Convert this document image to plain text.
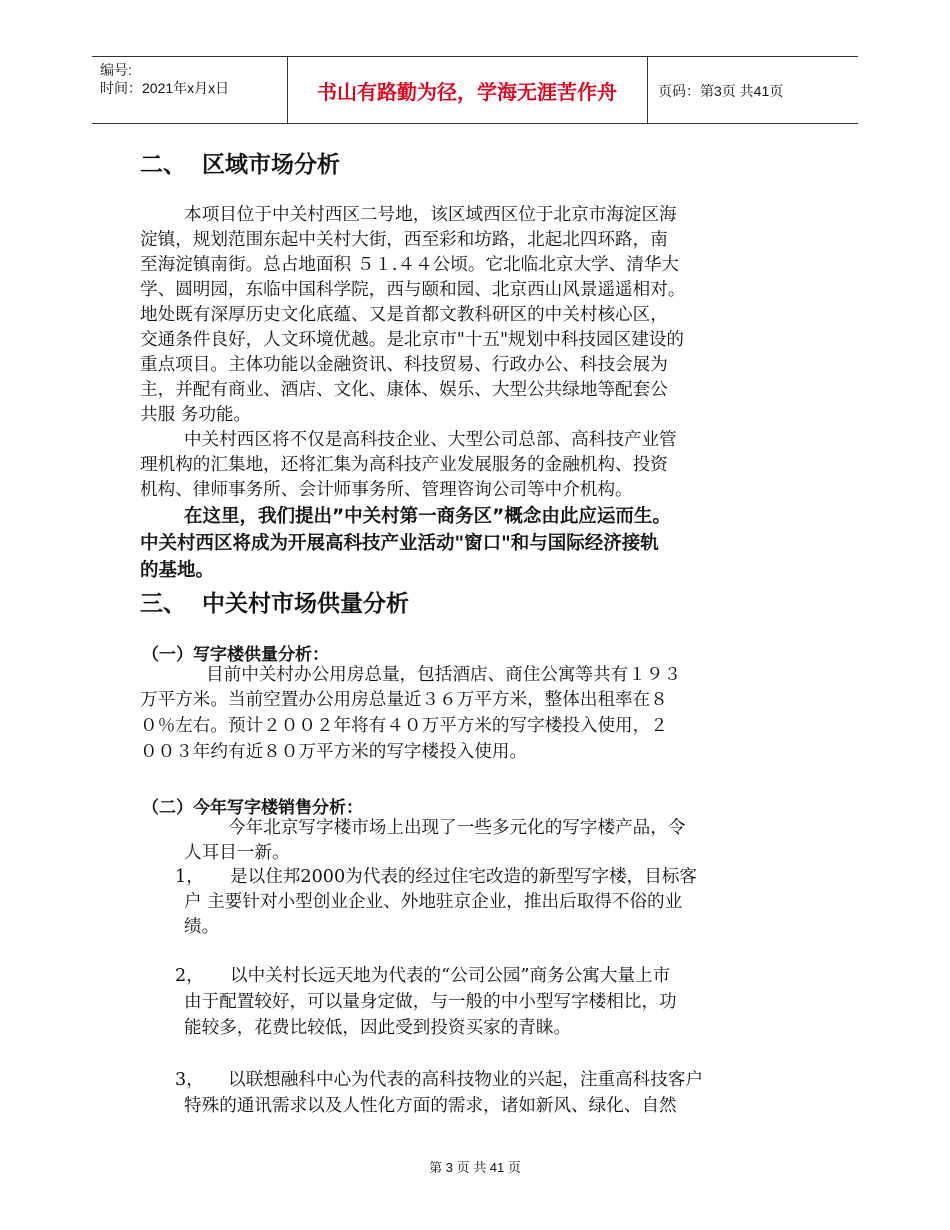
编号:
时间：2021年x月x日	书山有路勤为径，学海无涯苦作舟	页码：第3页 共41页
二、 区域市场分析
本项目位于中关村西区二号地，该区域西区位于北京市海淀区海
淀镇，规划范围东起中关村大街，西至彩和坊路，北起北四环路，南
至海淀镇南街。总占地面积 ５１.４４公顷。它北临北京大学、清华大
学、圆明园，东临中国科学院，西与颐和园、北京西山风景遥遥相对。
地处既有深厚历史文化底蕴、又是首都文教科研区的中关村核心区，
交通条件良好，人文环境优越。是北京市"十五"规划中科技园区建设的
重点项目。主体功能以金融资讯、科技贸易、行政办公、科技会展为
主，并配有商业、酒店、文化、康体、娱乐、大型公共绿地等配套公
共服 务功能。
中关村西区将不仅是高科技企业、大型公司总部、高科技产业管
理机构的汇集地，还将汇集为高科技产业发展服务的金融机构、投资
机构、律师事务所、会计师事务所、管理咨询公司等中介机构。
在这里，我们提出”中关村第一商务区”概念由此应运而生。
中关村西区将成为开展高科技产业活动"窗口"和与国际经济接轨
的基地。
三、 中关村市场供量分析
（一）写字楼供量分析：
目前中关村办公用房总量，包括酒店、商住公寓等共有１９３
万平方米。当前空置办公用房总量近３６万平方米，整体出租率在８
０％左右。预计２００２年将有４０万平方米的写字楼投入使用，２
００３年约有近８０万平方米的写字楼投入使用。
（二）今年写字楼销售分析：
今年北京写字楼市场上出现了一些多元化的写字楼产品，令
人耳目一新。
1， 是以住邦2000为代表的经过住宅改造的新型写字楼，目标客
户 主要针对小型创业企业、外地驻京企业，推出后取得不俗的业
绩。
2， 以中关村长远天地为代表的“公司公园”商务公寓大量上市
由于配置较好，可以量身定做，与一般的中小型写字楼相比，功
能较多，花费比较低，因此受到投资买家的青睐。
3， 以联想融科中心为代表的高科技物业的兴起，注重高科技客户
特殊的通讯需求以及人性化方面的需求，诸如新风、绿化、自然
第 3 页 共 41 页
